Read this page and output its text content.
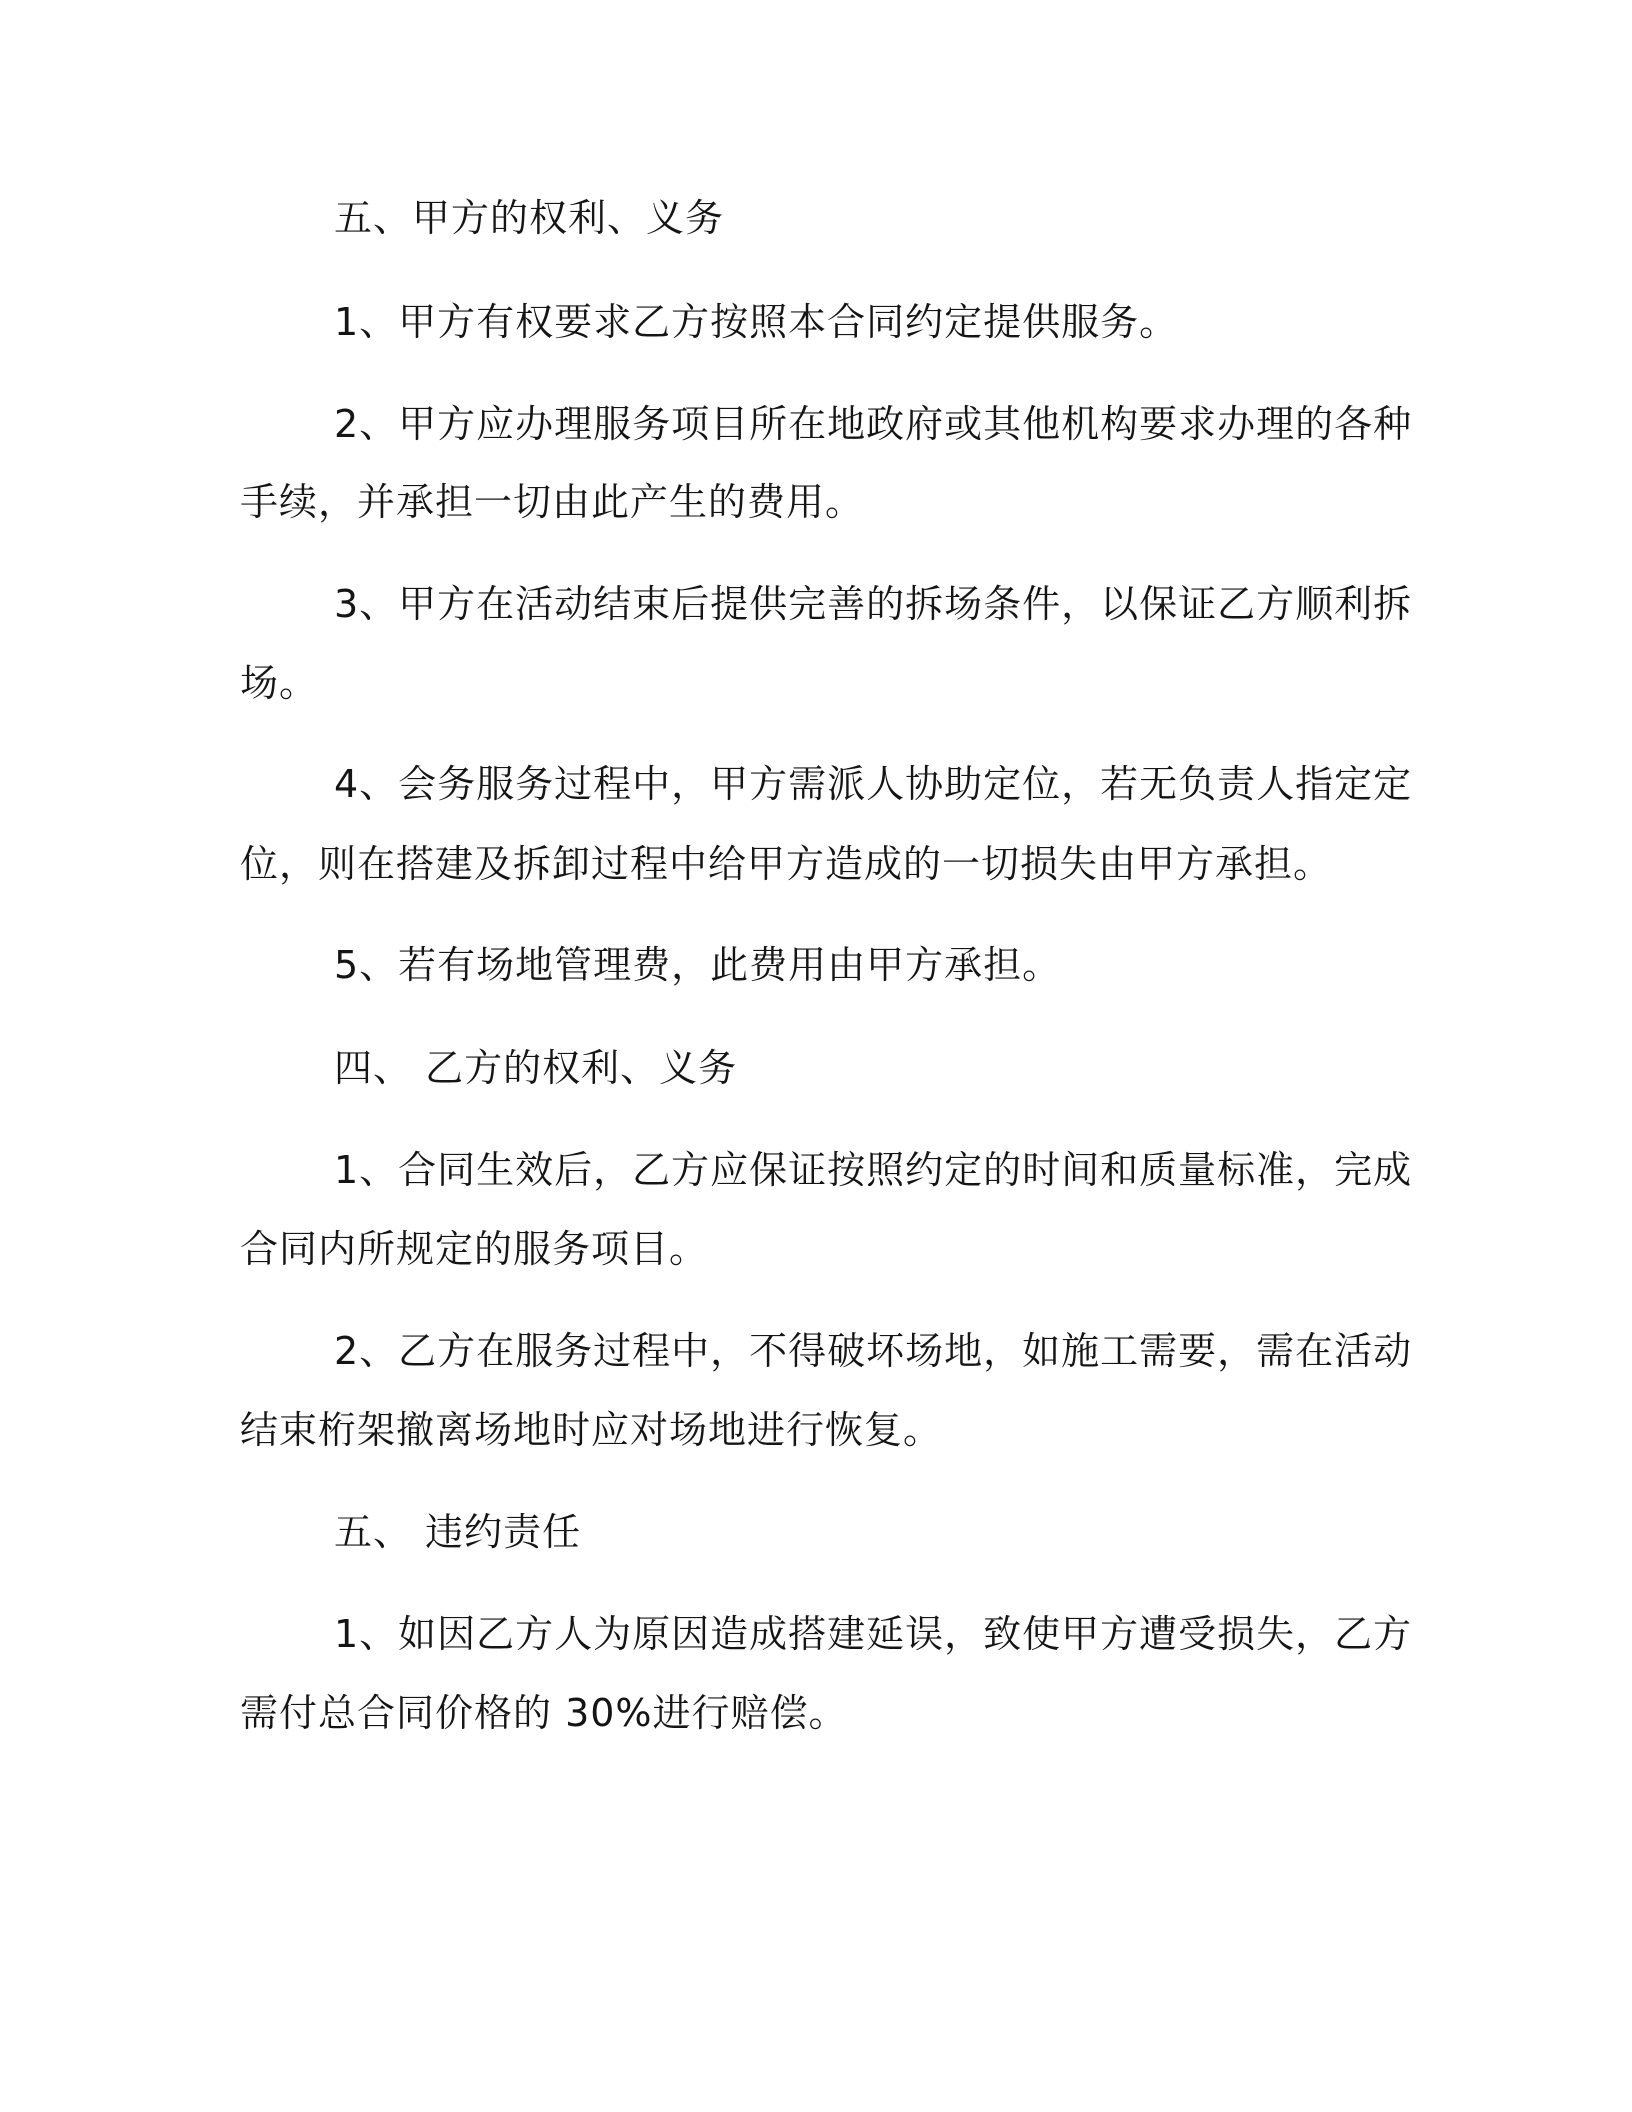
五、甲方的权利、义务
1、甲方有权要求乙方按照本合同约定提供服务。
2、甲方应办理服务项目所在地政府或其他机构要求办理的各种
手续，并承担一切由此产生的费用。
3、甲方在活动结束后提供完善的拆场条件，以保证乙方顺利拆
场。
4、会务服务过程中，甲方需派人协助定位，若无负责人指定定
位，则在搭建及拆卸过程中给甲方造成的一切损失由甲方承担。
5、若有场地管理费，此费用由甲方承担。
四、 乙方的权利、义务
1、合同生效后，乙方应保证按照约定的时间和质量标准，完成
合同内所规定的服务项目。
2、乙方在服务过程中，不得破坏场地，如施工需要，需在活动
结束桁架撤离场地时应对场地进行恢复。
五、 违约责任
1、如因乙方人为原因造成搭建延误，致使甲方遭受损失，乙方
需付总合同价格的 30%进行赔偿。
